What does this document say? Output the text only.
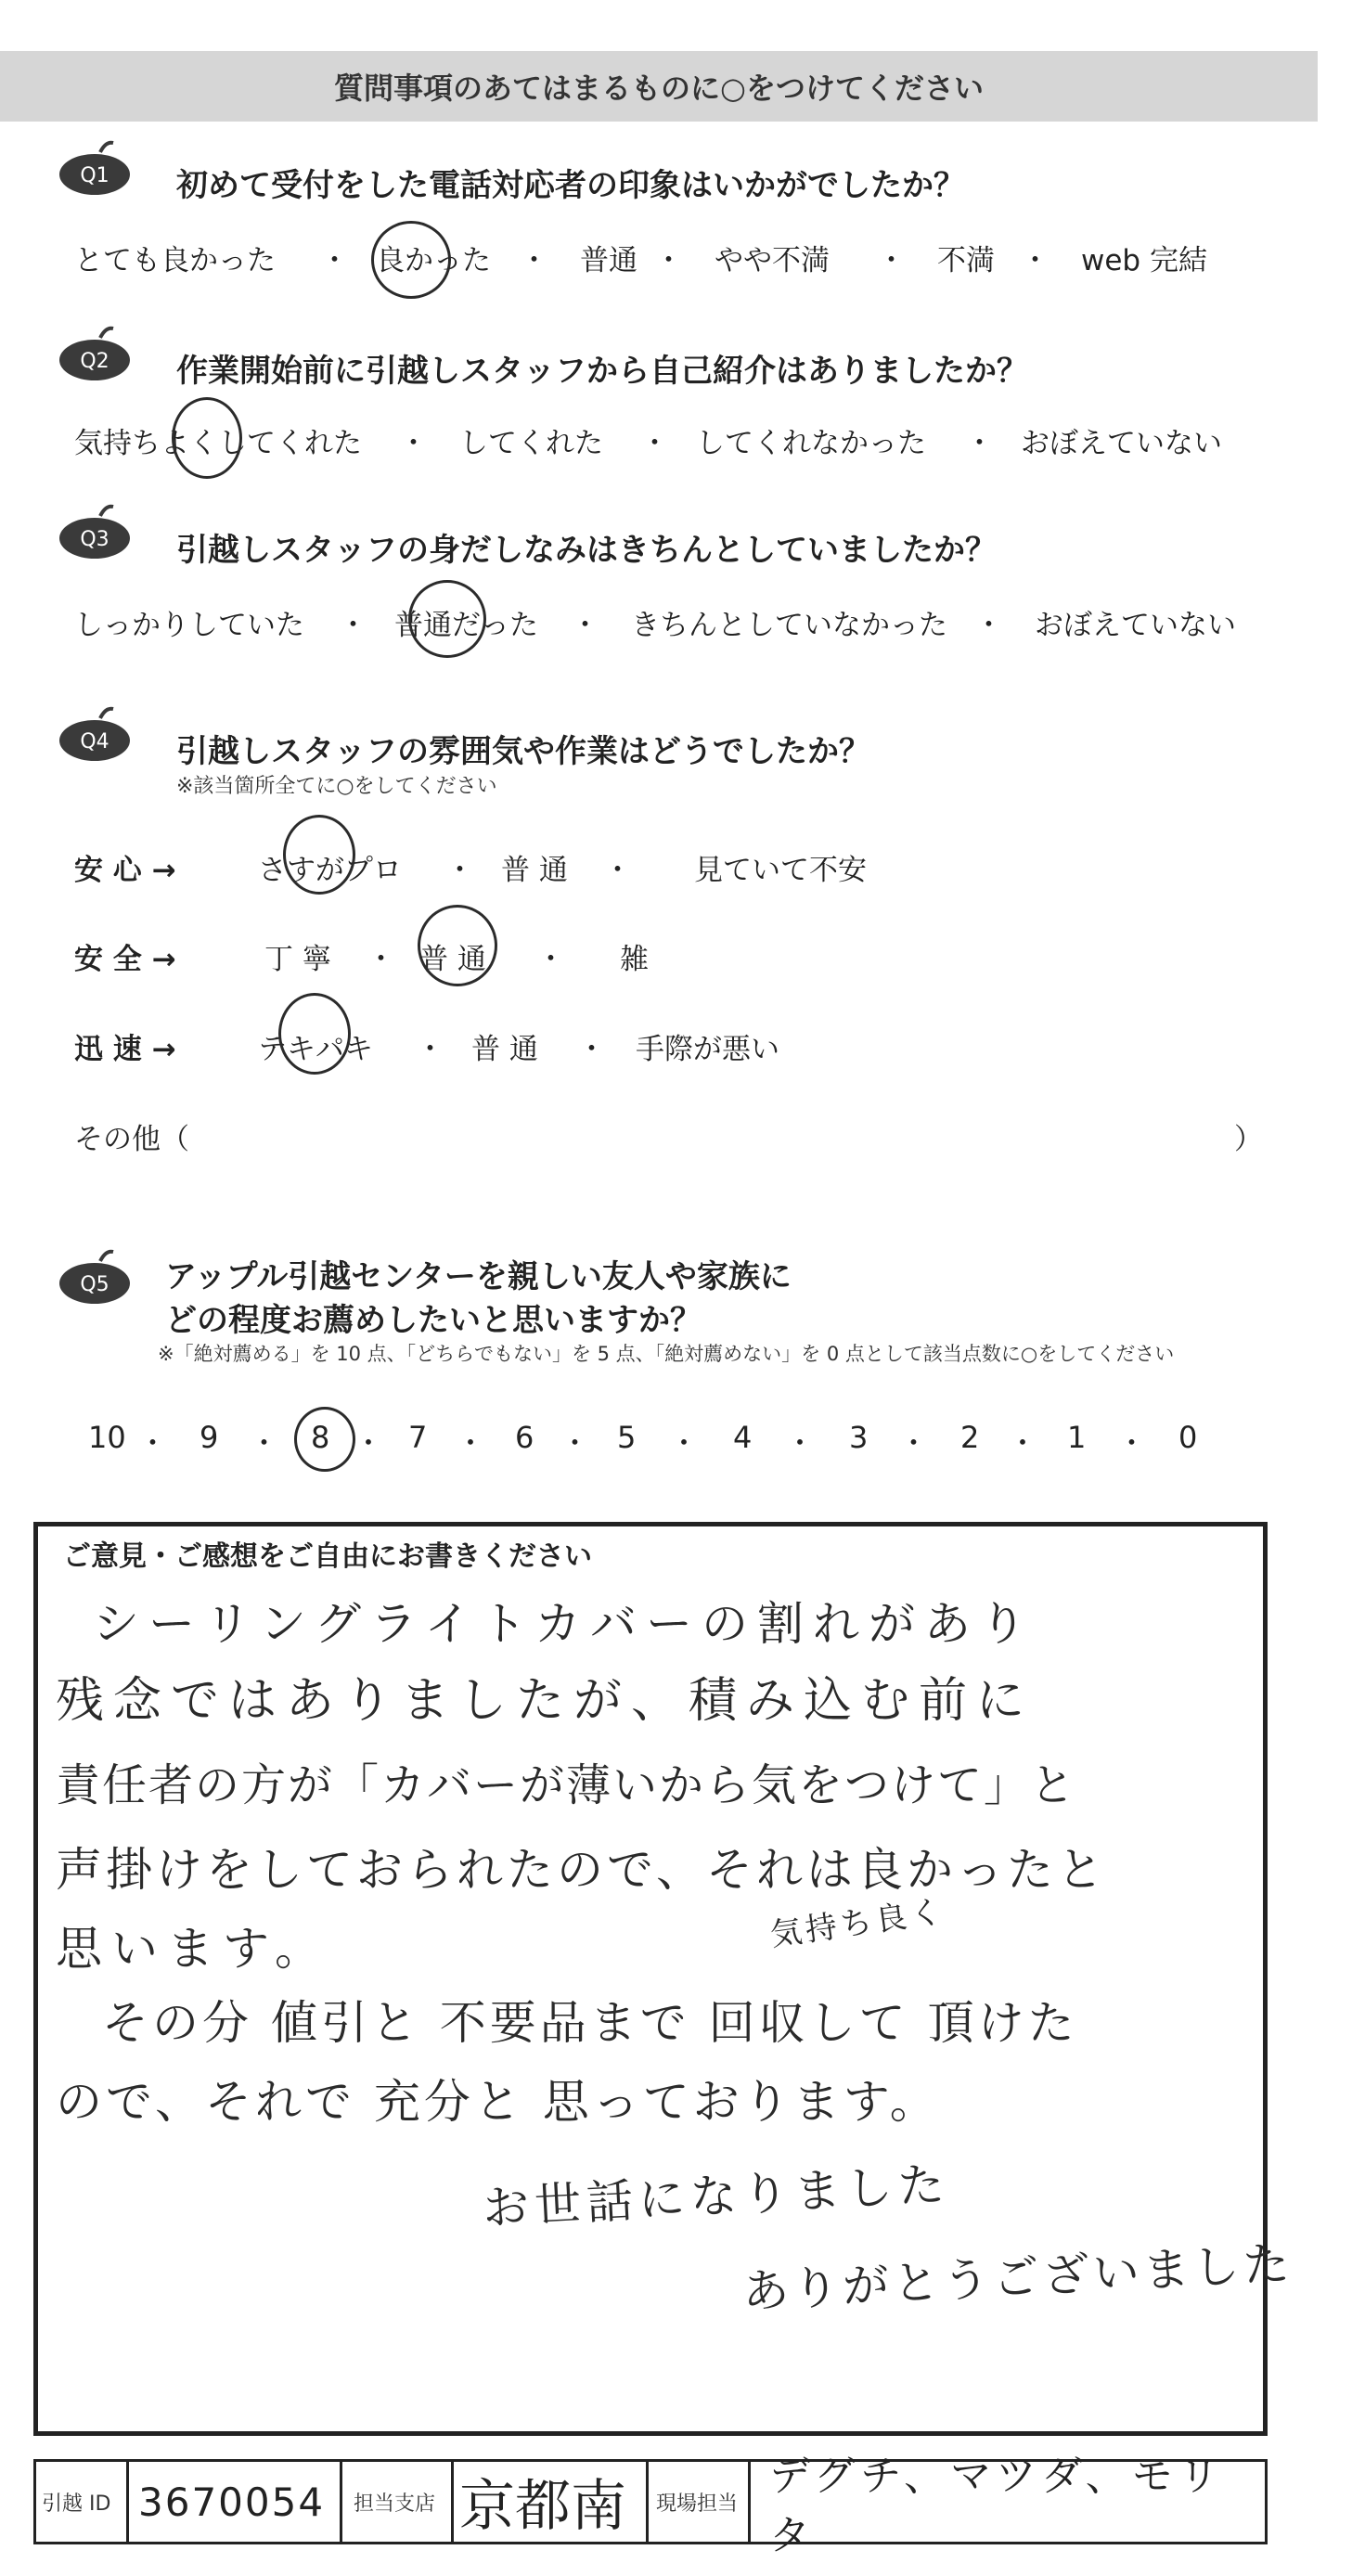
質問事項のあてはまるものに○をつけてください
Q1 初めて受付をした電話対応者の印象はいかがでしたか？
とても良かった ・ 良かった ・ 普通 ・ やや不満 ・ 不満 ・ web 完結
Q2 作業開始前に引越しスタッフから自己紹介はありましたか？
気持ちよくしてくれた ・ してくれた ・ してくれなかった ・ おぼえていない
Q3 引越しスタッフの身だしなみはきちんとしていましたか？
しっかりしていた ・ 普通だった ・ きちんとしていなかった ・ おぼえていない
Q4 引越しスタッフの雰囲気や作業はどうでしたか？
※該当箇所全てに○をしてください
安 心 →	さすがプロ ・ 普 通 ・ 見ていて不安
安 全 →	丁 寧 ・ 普 通 ・ 雑
迅 速 →	テキパキ ・ 普 通 ・ 手際が悪い
その他（	）
Q5 アップル引越センターを親しい友人や家族に
どの程度お薦めしたいと思いますか？
※「絶対薦める」を 10 点、「どちらでもない」を 5 点、「絶対薦めない」を 0 点として該当点数に○をしてください
10 ・ 9 ・ 8 ・ 7 ・ 6 ・ 5 ・ 4 ・ 3 ・ 2 ・ 1 ・ 0
ご意見・ご感想をご自由にお書きください
シーリングライトカバーの割れがあり
残念ではありましたが、積み込む前に
責任者の方が「カバーが薄いから気をつけて」と
声掛けをしておられたので、それは良かったと
思います。	気持ち良く
その分 値引と 不要品まで 回収して 頂けた
ので、それで 充分と 思っております。
お世話になりました
ありがとうございました
引越 ID 3670054	担当支店 京都南	現場担当
デグチ、マツダ、モリタ
